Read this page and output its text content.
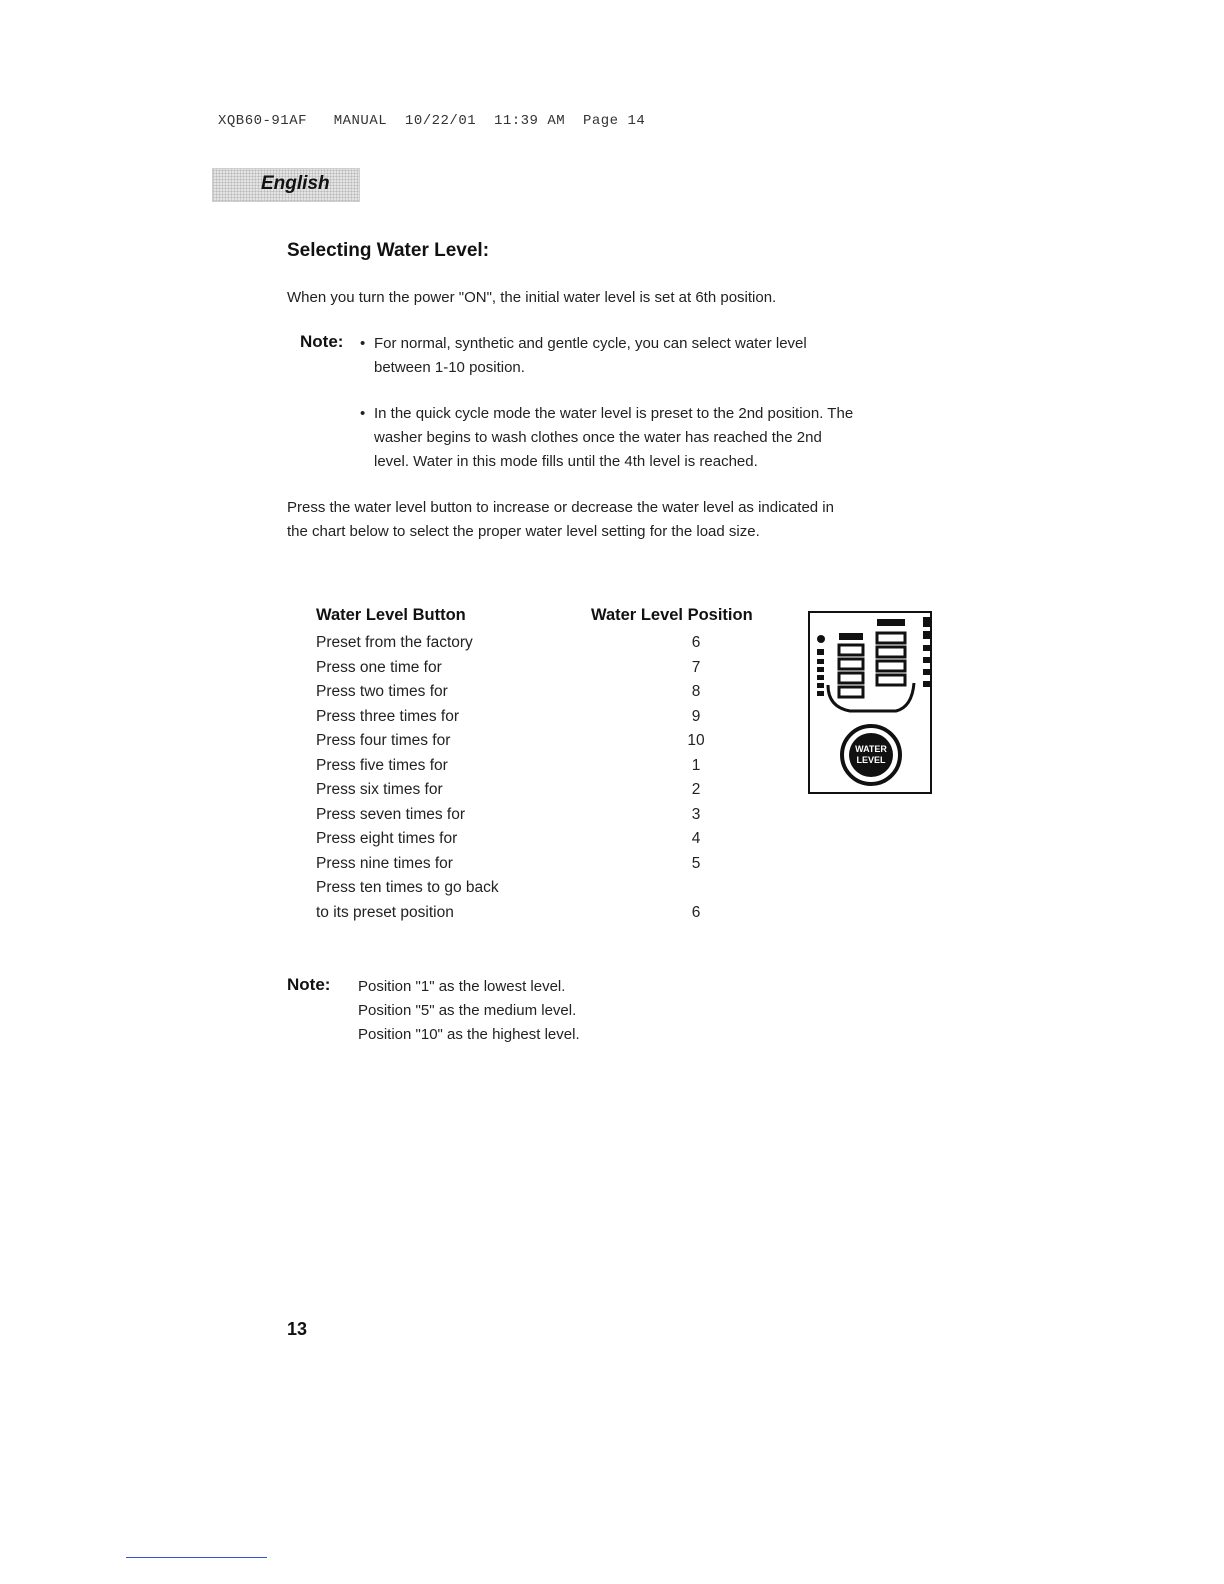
XQB60-91AF   MANUAL  10/22/01  11:39 AM  Page 14
English
Selecting Water Level:
When you turn the power "ON", the initial water level is set at 6th position.
Note: • For normal, synthetic and gentle cycle, you can select water level
between 1-10 position.
• In the quick cycle mode the water level is preset to the 2nd position. The
washer begins to wash clothes once the water has reached the 2nd
level. Water in this mode fills until the 4th level is reached.
Press the water level button to increase or decrease the water level as indicated in
the chart below to select the proper water level setting for the load size.
Water Level Button	Water Level Position
Preset from the factory	6
Press one time for	7
Press two times for	8
Press three times for	9
Press four times for	10
Press five times for	1
Press six times for	2
Press seven times for	3
Press eight times for	4
Press nine times for	5
Press ten times to go back
to its preset position	6
WATER
LEVEL
Note: Position "1" as the lowest level.
Position "5" as the medium level.
Position "10" as the highest level.
13
